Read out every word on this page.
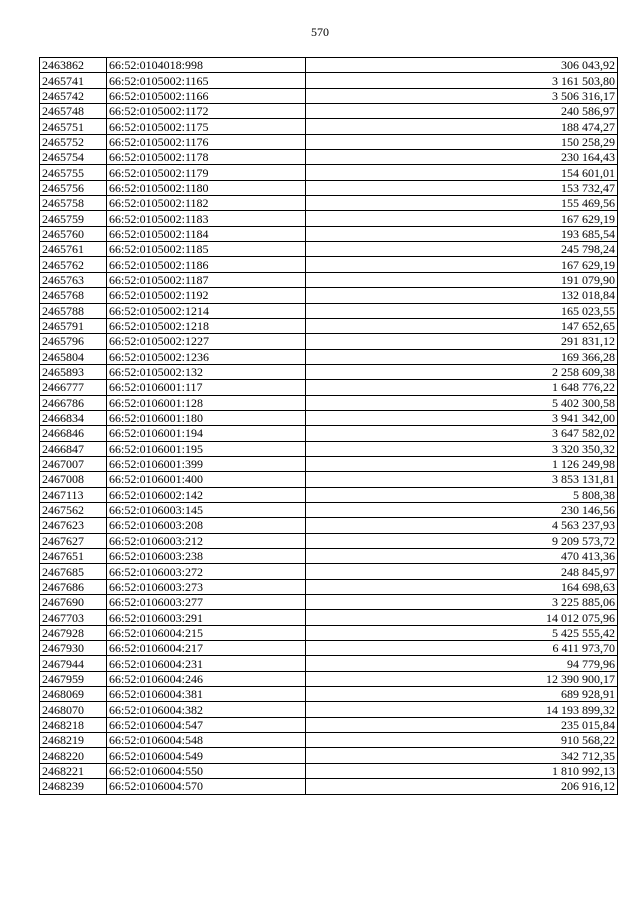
570
2463862	66:52:0104018:998	306 043,92
2465741	66:52:0105002:1165	3 161 503,80
2465742	66:52:0105002:1166	3 506 316,17
2465748	66:52:0105002:1172	240 586,97
2465751	66:52:0105002:1175	188 474,27
2465752	66:52:0105002:1176	150 258,29
2465754	66:52:0105002:1178	230 164,43
2465755	66:52:0105002:1179	154 601,01
2465756	66:52:0105002:1180	153 732,47
2465758	66:52:0105002:1182	155 469,56
2465759	66:52:0105002:1183	167 629,19
2465760	66:52:0105002:1184	193 685,54
2465761	66:52:0105002:1185	245 798,24
2465762	66:52:0105002:1186	167 629,19
2465763	66:52:0105002:1187	191 079,90
2465768	66:52:0105002:1192	132 018,84
2465788	66:52:0105002:1214	165 023,55
2465791	66:52:0105002:1218	147 652,65
2465796	66:52:0105002:1227	291 831,12
2465804	66:52:0105002:1236	169 366,28
2465893	66:52:0105002:132	2 258 609,38
2466777	66:52:0106001:117	1 648 776,22
2466786	66:52:0106001:128	5 402 300,58
2466834	66:52:0106001:180	3 941 342,00
2466846	66:52:0106001:194	3 647 582,02
2466847	66:52:0106001:195	3 320 350,32
2467007	66:52:0106001:399	1 126 249,98
2467008	66:52:0106001:400	3 853 131,81
2467113	66:52:0106002:142	5 808,38
2467562	66:52:0106003:145	230 146,56
2467623	66:52:0106003:208	4 563 237,93
2467627	66:52:0106003:212	9 209 573,72
2467651	66:52:0106003:238	470 413,36
2467685	66:52:0106003:272	248 845,97
2467686	66:52:0106003:273	164 698,63
2467690	66:52:0106003:277	3 225 885,06
2467703	66:52:0106003:291	14 012 075,96
2467928	66:52:0106004:215	5 425 555,42
2467930	66:52:0106004:217	6 411 973,70
2467944	66:52:0106004:231	94 779,96
2467959	66:52:0106004:246	12 390 900,17
2468069	66:52:0106004:381	689 928,91
2468070	66:52:0106004:382	14 193 899,32
2468218	66:52:0106004:547	235 015,84
2468219	66:52:0106004:548	910 568,22
2468220	66:52:0106004:549	342 712,35
2468221	66:52:0106004:550	1 810 992,13
2468239	66:52:0106004:570	206 916,12
